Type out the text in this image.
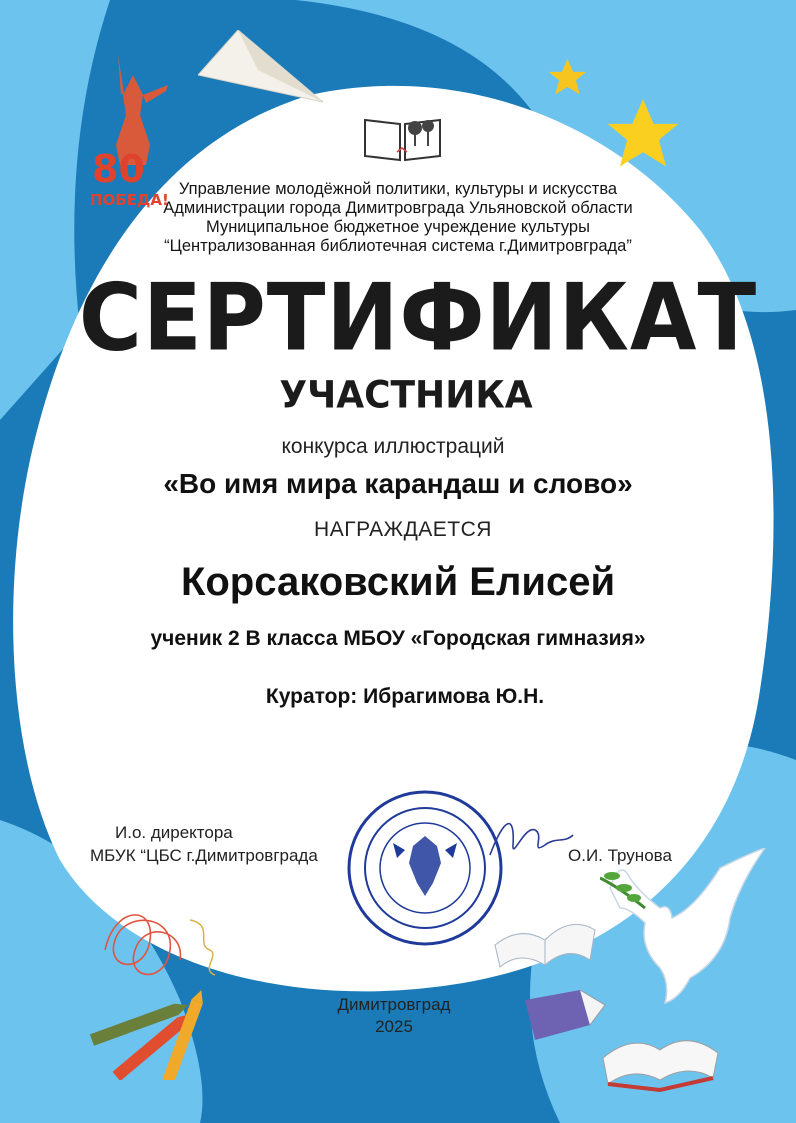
80
ПОБЕДА!
Управление молодёжной политики, культуры и искусства
Администрации города Димитровграда Ульяновской области
Муниципальное бюджетное учреждение культуры
“Централизованная библиотечная система г.Димитровграда”
СЕРТИФИКАТ
УЧАСТНИКА
конкурса иллюстраций
«Во имя мира карандаш и слово»
НАГРАЖДАЕТСЯ
Корсаковский Елисей
ученик 2 В класса МБОУ «Городская гимназия»
Куратор: Ибрагимова Ю.Н.
И.о. директора
МБУК “ЦБС г.Димитровграда	О.И. Трунова
Димитровград
2025
